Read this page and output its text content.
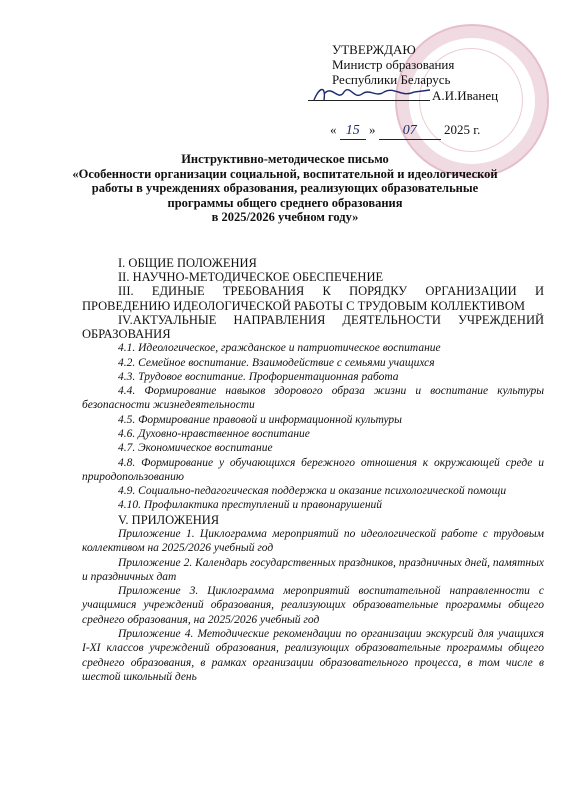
УТВЕРЖДАЮ
Министр образования
Республики Беларусь
А.И.Иванец
« 15 » 07 2025 г.
Инструктивно-методическое письмо
«Особенности организации социальной, воспитательной и идеологической
работы в учреждениях образования, реализующих образовательные
программы общего среднего образования
в 2025/2026 учебном году»
I. ОБЩИЕ ПОЛОЖЕНИЯ
II. НАУЧНО-МЕТОДИЧЕСКОЕ ОБЕСПЕЧЕНИЕ
III. ЕДИНЫЕ ТРЕБОВАНИЯ К ПОРЯДКУ ОРГАНИЗАЦИИ И ПРОВЕДЕНИЮ ИДЕОЛОГИЧЕСКОЙ РАБОТЫ С ТРУДОВЫМ КОЛЛЕКТИВОМ
IV.АКТУАЛЬНЫЕ НАПРАВЛЕНИЯ ДЕЯТЕЛЬНОСТИ УЧРЕЖДЕНИЙ ОБРАЗОВАНИЯ
4.1. Идеологическое, гражданское и патриотическое воспитание
4.2. Семейное воспитание. Взаимодействие с семьями учащихся
4.3. Трудовое воспитание. Профориентационная работа
4.4. Формирование навыков здорового образа жизни и воспитание культуры безопасности жизнедеятельности
4.5. Формирование правовой и информационной культуры
4.6. Духовно-нравственное воспитание
4.7. Экономическое воспитание
4.8. Формирование у обучающихся бережного отношения к окружающей среде и природопользованию
4.9. Социально-педагогическая поддержка и оказание психологической помощи
4.10. Профилактика преступлений и правонарушений
V. ПРИЛОЖЕНИЯ
Приложение 1. Циклограмма мероприятий по идеологической работе с трудовым коллективом на 2025/2026 учебный год
Приложение 2. Календарь государственных праздников, праздничных дней, памятных и праздничных дат
Приложение 3. Циклограмма мероприятий воспитательной направленности с учащимися учреждений образования, реализующих образовательные программы общего среднего образования, на 2025/2026 учебный год
Приложение 4. Методические рекомендации по организации экскурсий для учащихся I-XI классов учреждений образования, реализующих образовательные программы общего среднего образования, в рамках организации образовательного процесса, в том числе в шестой школьный день
